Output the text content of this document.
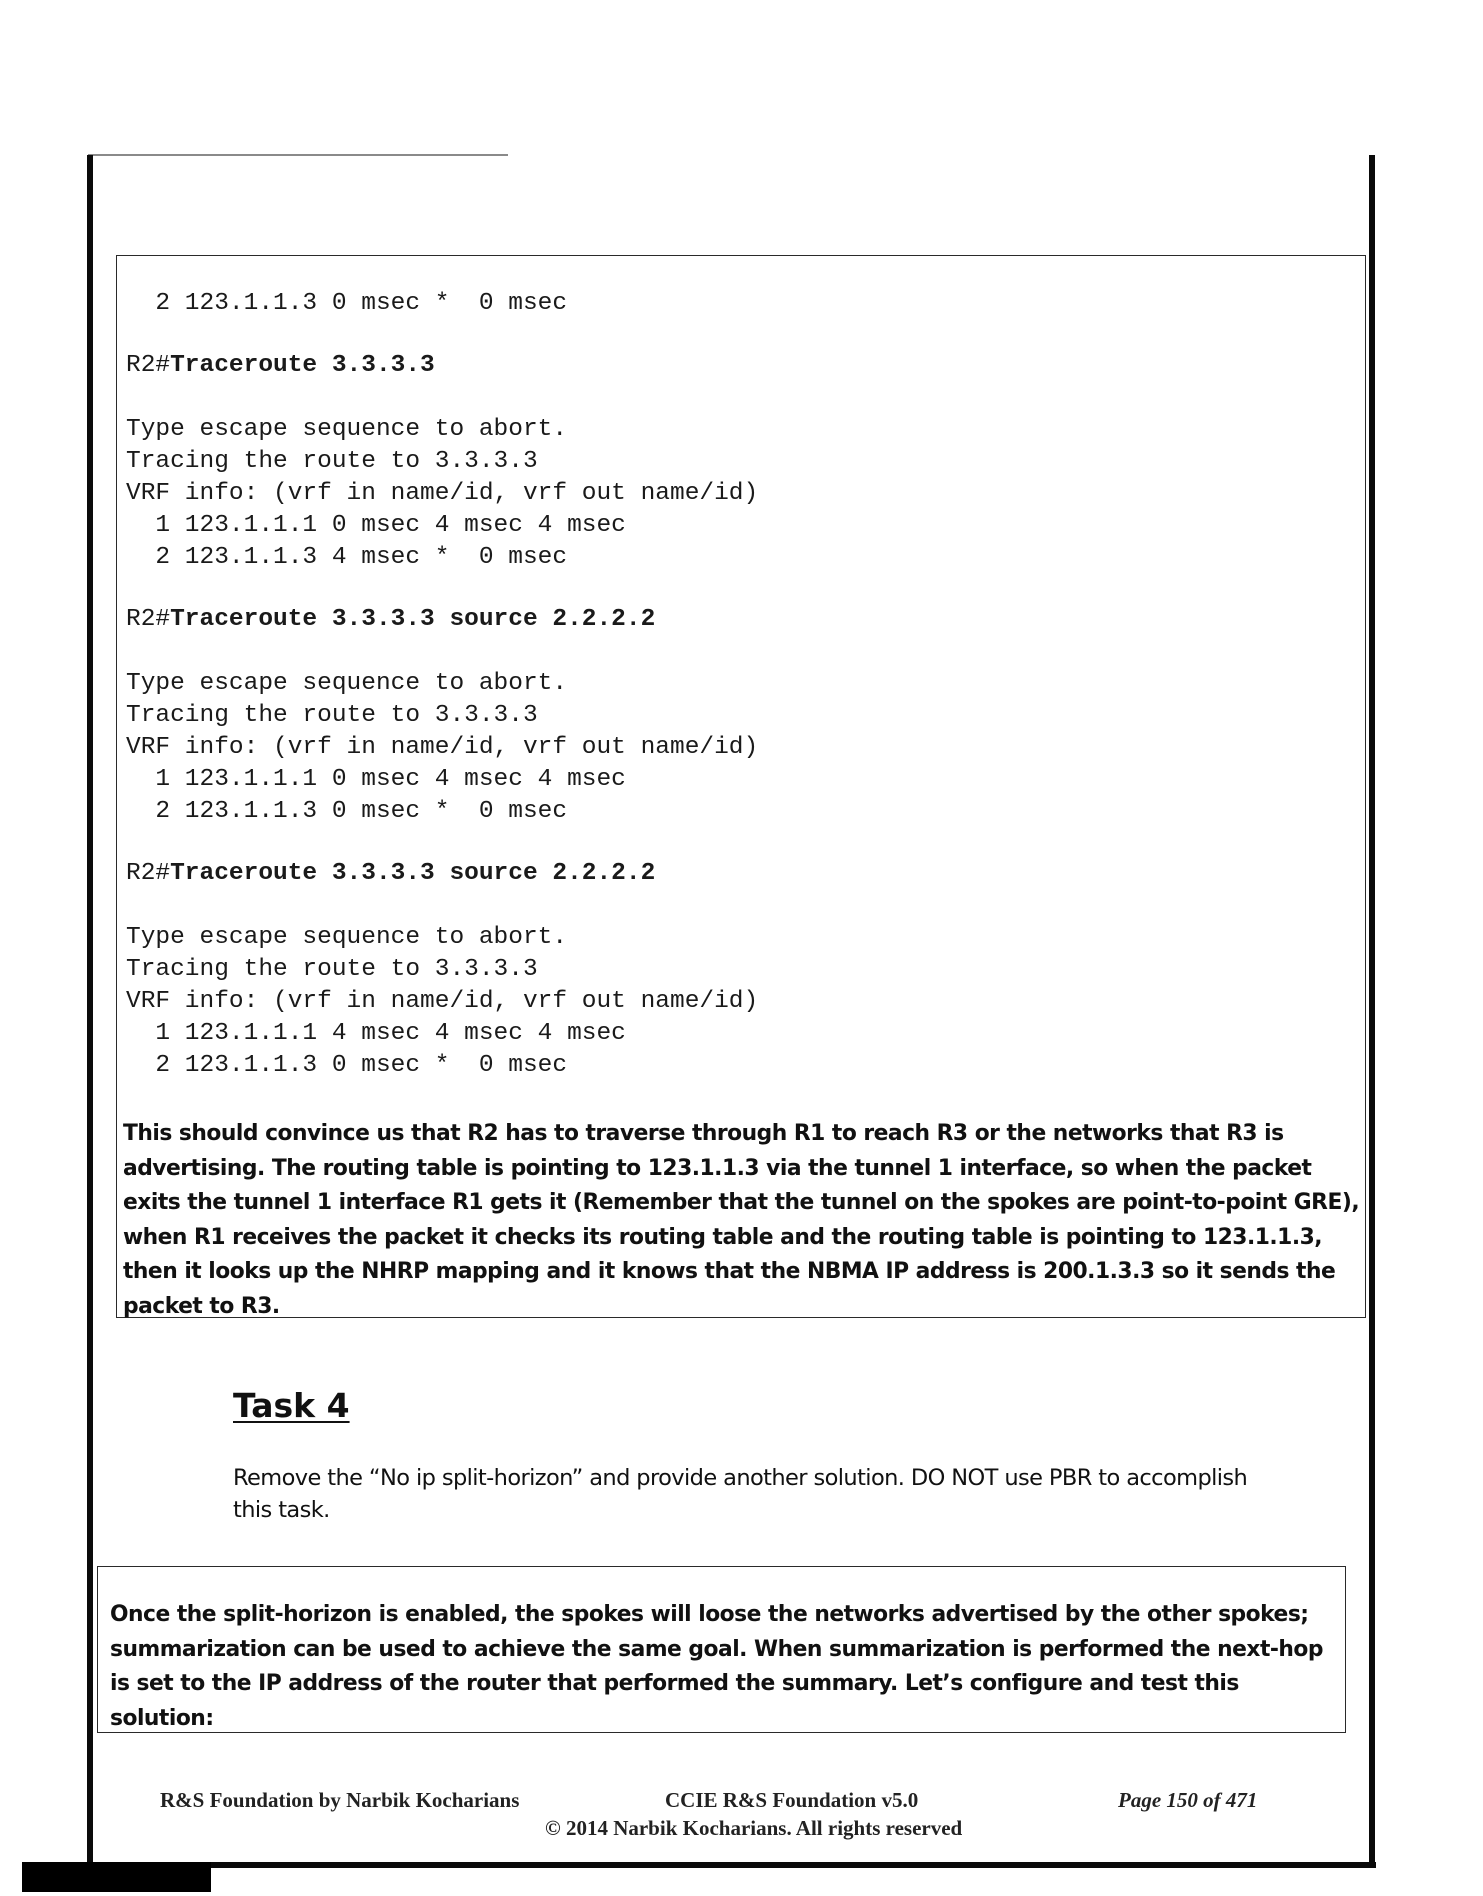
2 123.1.1.3 0 msec *  0 msec
R2#Traceroute 3.3.3.3
Type escape sequence to abort.
Tracing the route to 3.3.3.3
VRF info: (vrf in name/id, vrf out name/id)
1 123.1.1.1 0 msec 4 msec 4 msec
2 123.1.1.3 4 msec *  0 msec
R2#Traceroute 3.3.3.3 source 2.2.2.2
Type escape sequence to abort.
Tracing the route to 3.3.3.3
VRF info: (vrf in name/id, vrf out name/id)
1 123.1.1.1 0 msec 4 msec 4 msec
2 123.1.1.3 0 msec *  0 msec
R2#Traceroute 3.3.3.3 source 2.2.2.2
Type escape sequence to abort.
Tracing the route to 3.3.3.3
VRF info: (vrf in name/id, vrf out name/id)
1 123.1.1.1 4 msec 4 msec 4 msec
2 123.1.1.3 0 msec *  0 msec
This should convince us that R2 has to traverse through R1 to reach R3 or the networks that R3 is advertising. The routing table is pointing to 123.1.1.3 via the tunnel 1 interface, so when the packet exits the tunnel 1 interface R1 gets it (Remember that the tunnel on the spokes are point-to-point GRE), when R1 receives the packet it checks its routing table and the routing table is pointing to 123.1.1.3, then it looks up the NHRP mapping and it knows that the NBMA IP address is 200.1.3.3 so it sends the packet to R3.
Task 4
Remove the “No ip split-horizon” and provide another solution. DO NOT use PBR to accomplish this task.
Once the split-horizon is enabled, the spokes will loose the networks advertised by the other spokes; summarization can be used to achieve the same goal. When summarization is performed the next-hop is set to the IP address of the router that performed the summary. Let’s configure and test this solution:
R&S Foundation by Narbik Kocharians	CCIE R&S Foundation v5.0
© 2014 Narbik Kocharians. All rights reserved
Page 150 of 471
